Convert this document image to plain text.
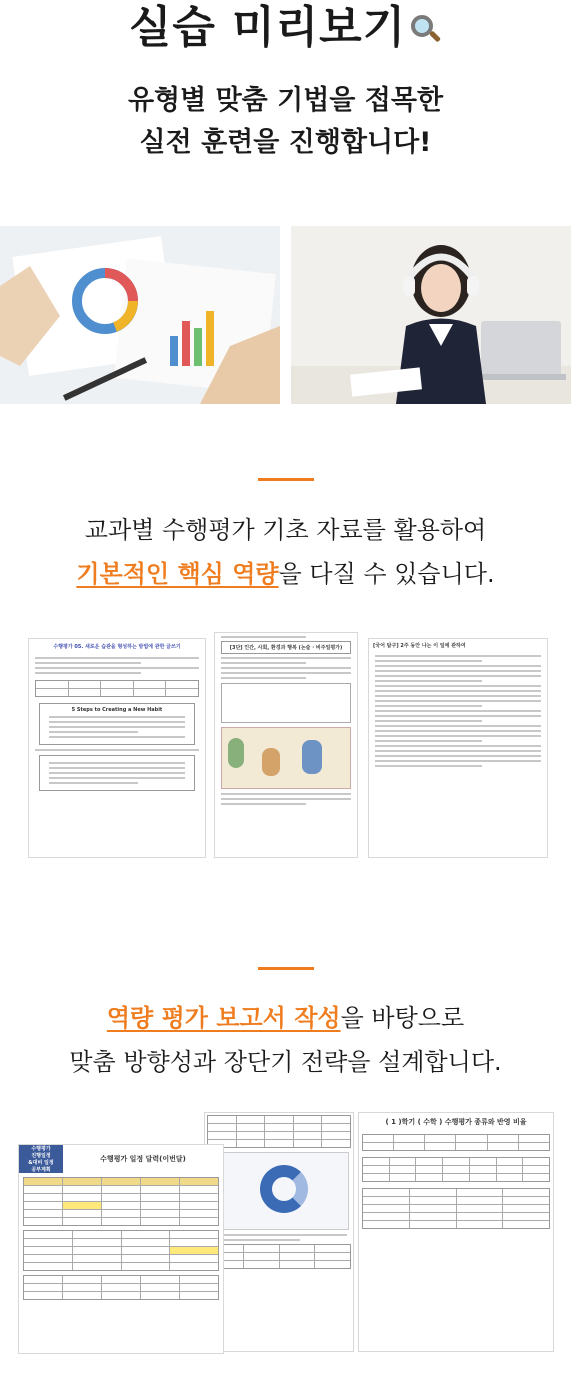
실습 미리보기
유형별 맞춤 기법을 접목한
실전 훈련을 진행합니다!
교과별 수행평가 기초 자료를 활용하여
기본적인 핵심 역량을 다질 수 있습니다.
수행평가 05. 새로운 습관을 형성하는 방법에 관한 글쓰기
5 Steps to Creating a New Habit
[3단] 인간, 사회, 환경과 행복 (논술 · 비주얼평가)	[국어 탐구] 2주 동안 나는 이 일에 관하여
역량 평가 보고서 작성을 바탕으로
맞춤 방향성과 장단기 전략을 설계합니다.
( 1 )학기 ( 수학 ) 수행평가 종류와 반영 비율
수행평가
진행일정
&대비 일정
공부계획
수행평가 일정 달력(이번달)
